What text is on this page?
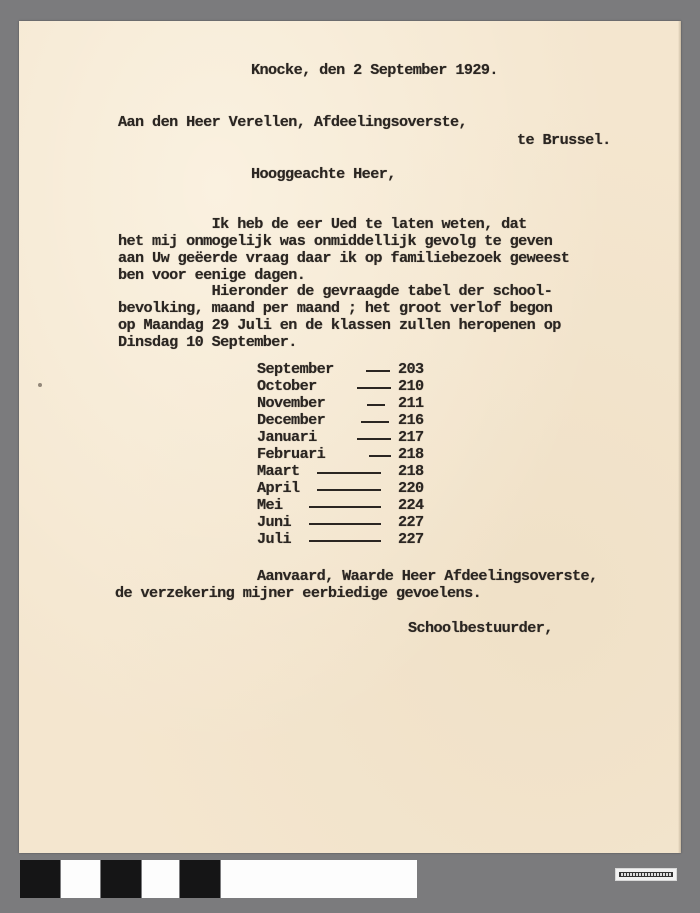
Knocke, den 2 September 1929.
Aan den Heer Verellen, Afdeelingsoverste,
te Brussel.
Hooggeachte Heer,
Ik heb de eer Ued te laten weten, dat
het mij onmogelijk was onmiddellijk gevolg te geven
aan Uw geëerde vraag daar ik op familiebezoek geweest
ben voor eenige dagen.
Hieronder de gevraagde tabel der school-
bevolking, maand per maand ; het groot verlof begon
op Maandag 29 Juli en de klassen zullen heropenen op
Dinsdag 10 September.
September	203
October	210
November	211
December	216
Januari	217
Februari	218
Maart	218
April	220
Mei	224
Juni	227
Juli	227
Aanvaard, Waarde Heer Afdeelingsoverste,
de verzekering mijner eerbiedige gevoelens.
Schoolbestuurder,
